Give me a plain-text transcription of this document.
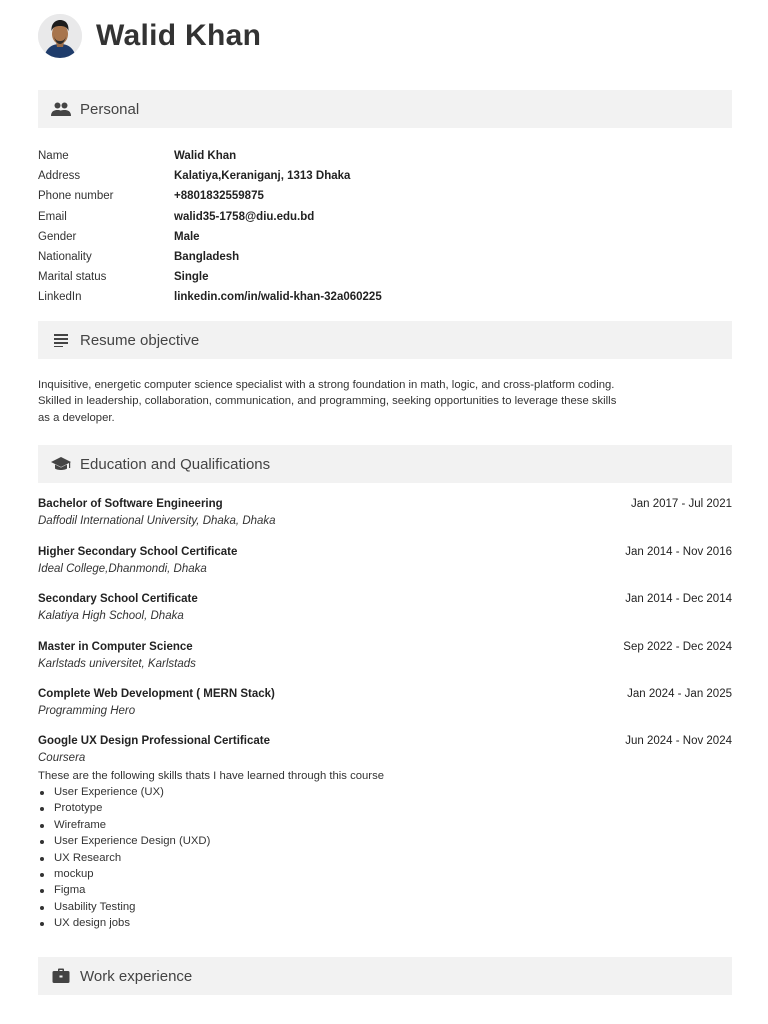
Walid Khan
Personal
Name	Walid Khan
Address	Kalatiya,Keraniganj, 1313 Dhaka
Phone number	+8801832559875
Email	walid35-1758@diu.edu.bd
Gender	Male
Nationality	Bangladesh
Marital status	Single
LinkedIn	linkedin.com/in/walid-khan-32a060225
Resume objective
Inquisitive, energetic computer science specialist with a strong foundation in math, logic, and cross-platform coding. Skilled in leadership, collaboration, communication, and programming, seeking opportunities to leverage these skills as a developer.
Education and Qualifications
Bachelor of Software Engineering	Jan 2017 - Jul 2021
Daffodil International University, Dhaka, Dhaka
Higher Secondary School Certificate	Jan 2014 - Nov 2016
Ideal College,Dhanmondi, Dhaka
Secondary School Certificate	Jan 2014 - Dec 2014
Kalatiya High School, Dhaka
Master in Computer Science	Sep 2022 - Dec 2024
Karlstads universitet, Karlstads
Complete Web Development ( MERN Stack)	Jan 2024 - Jan 2025
Programming Hero
Google UX Design Professional Certificate	Jun 2024 - Nov 2024
Coursera
These are the following skills thats I have learned through this course
User Experience (UX)
Prototype
Wireframe
User Experience Design (UXD)
UX Research
mockup
Figma
Usability Testing
UX design jobs
Work experience
